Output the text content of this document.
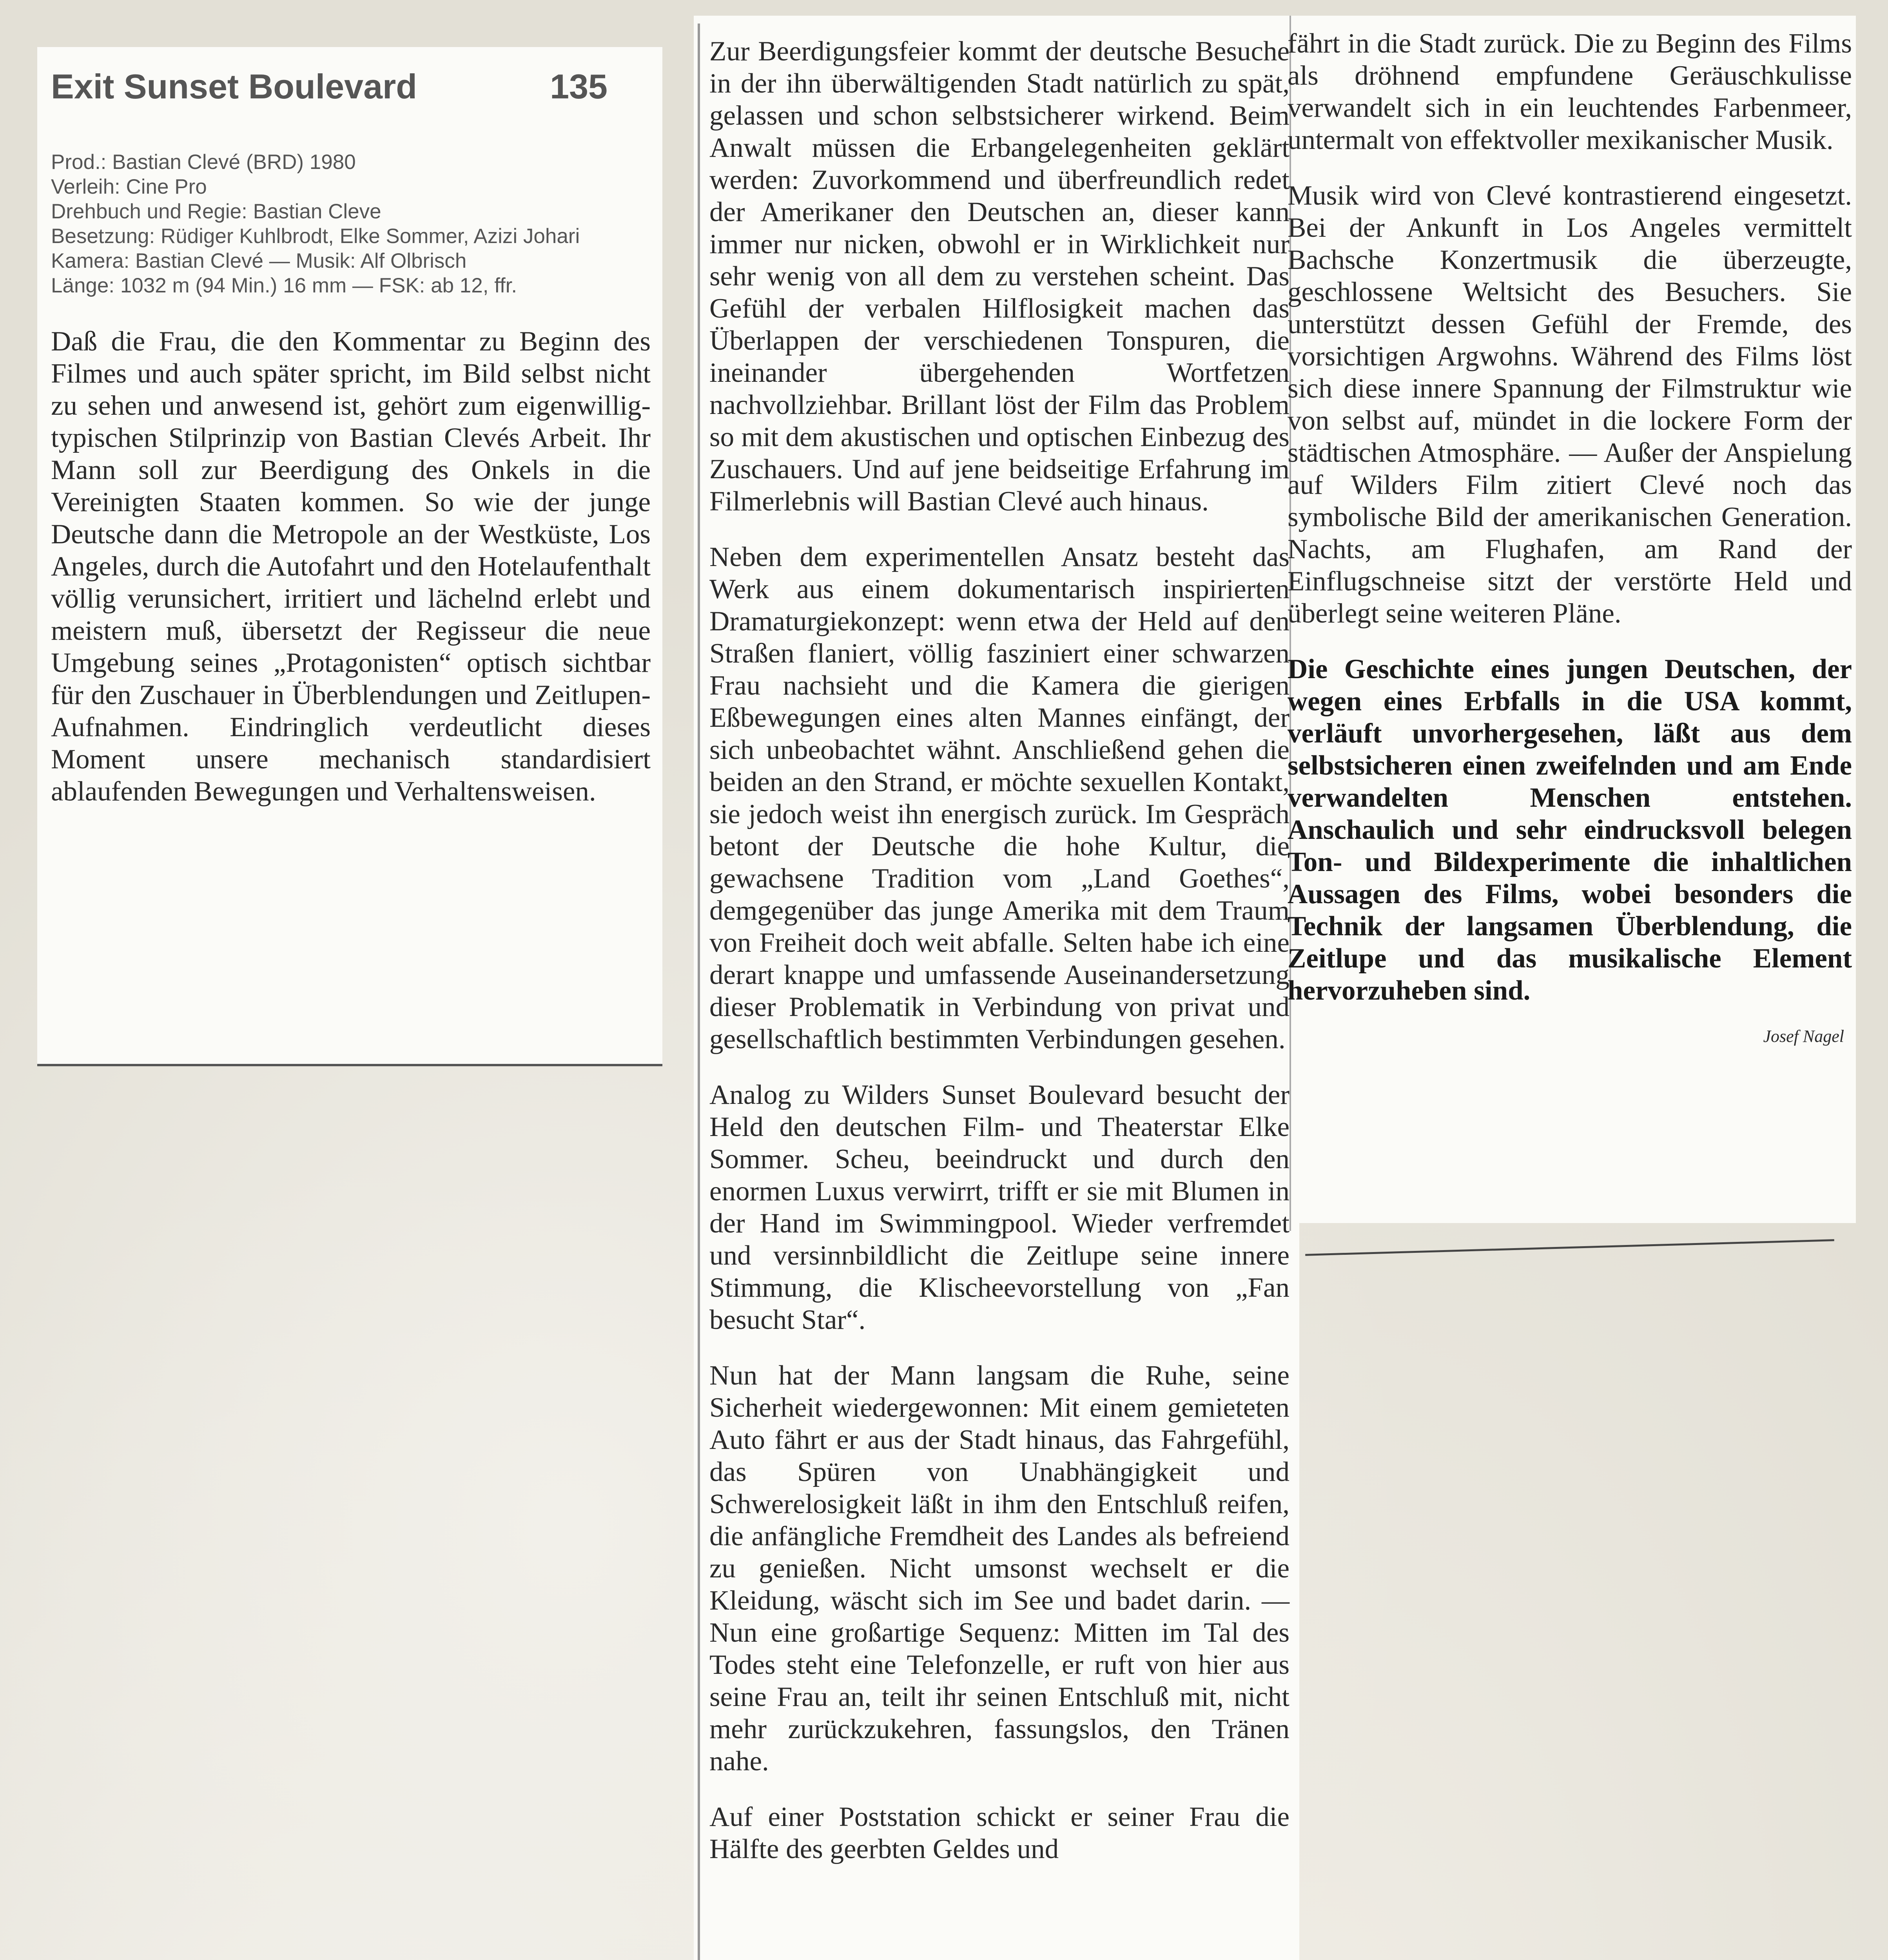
Exit Sunset Boulevard	135
Prod.: Bastian Clevé (BRD) 1980
Verleih: Cine Pro
Drehbuch und Regie: Bastian Cleve
Besetzung: Rüdiger Kuhlbrodt, Elke Sommer, Azizi Johari
Kamera: Bastian Clevé — Musik: Alf Olbrisch
Länge: 1032 m (94 Min.) 16 mm — FSK: ab 12, ffr.

Daß die Frau, die den Kommentar zu Beginn des Filmes und auch später spricht, im Bild selbst nicht zu sehen und anwesend ist, gehört zum eigenwillig-typischen Stilprinzip von Bastian Clevés Arbeit. Ihr Mann soll zur Beerdigung des Onkels in die Vereinigten Staaten kommen. So wie der junge Deutsche dann die Metropole an der Westküste, Los Angeles, durch die Autofahrt und den Hotelaufenthalt völlig verunsichert, irritiert und lächelnd erlebt und meistern muß, übersetzt der Regisseur die neue Umgebung seines „Protagonisten“ optisch sichtbar für den Zuschauer in Überblendungen und Zeitlupen-Aufnahmen. Eindringlich verdeutlicht dieses Moment unsere mechanisch standardisiert ablaufenden Bewegungen und Verhaltensweisen.

Zur Beerdigungsfeier kommt der deutsche Besuche in der ihn überwältigenden Stadt natürlich zu spät, gelassen und schon selbstsicherer wirkend. Beim Anwalt müssen die Erbangelegenheiten geklärt werden: Zuvorkommend und überfreundlich redet der Amerikaner den Deutschen an, dieser kann immer nur nicken, obwohl er in Wirklichkeit nur sehr wenig von all dem zu verstehen scheint. Das Gefühl der verbalen Hilflosigkeit machen das Überlappen der verschiedenen Tonspuren, die ineinander übergehenden Wortfetzen nachvollziehbar. Brillant löst der Film das Problem so mit dem akustischen und optischen Einbezug des Zuschauers. Und auf jene beidseitige Erfahrung im Filmerlebnis will Bastian Clevé auch hinaus.

Neben dem experimentellen Ansatz besteht das Werk aus einem dokumentarisch inspirierten Dramaturgiekonzept: wenn etwa der Held auf den Straßen flaniert, völlig fasziniert einer schwarzen Frau nachsieht und die Kamera die gierigen Eßbewegungen eines alten Mannes einfängt, der sich unbeobachtet wähnt. Anschließend gehen die beiden an den Strand, er möchte sexuellen Kontakt, sie jedoch weist ihn energisch zurück. Im Gespräch betont der Deutsche die hohe Kultur, die gewachsene Tradition vom „Land Goethes“, demgegenüber das junge Amerika mit dem Traum von Freiheit doch weit abfalle. Selten habe ich eine derart knappe und umfassende Auseinandersetzung dieser Problematik in Verbindung von privat und gesellschaftlich bestimmten Verbindungen gesehen.

Analog zu Wilders Sunset Boulevard besucht der Held den deutschen Film- und Theaterstar Elke Sommer. Scheu, beeindruckt und durch den enormen Luxus verwirrt, trifft er sie mit Blumen in der Hand im Swimmingpool. Wieder verfremdet und versinnbildlicht die Zeitlupe seine innere Stimmung, die Klischeevorstellung von „Fan besucht Star“.

Nun hat der Mann langsam die Ruhe, seine Sicherheit wiedergewonnen: Mit einem gemieteten Auto fährt er aus der Stadt hinaus, das Fahrgefühl, das Spüren von Unabhängigkeit und Schwerelosigkeit läßt in ihm den Entschluß reifen, die anfängliche Fremdheit des Landes als befreiend zu genießen. Nicht umsonst wechselt er die Kleidung, wäscht sich im See und badet darin. — Nun eine großartige Sequenz: Mitten im Tal des Todes steht eine Telefonzelle, er ruft von hier aus seine Frau an, teilt ihr seinen Entschluß mit, nicht mehr zurückzukehren, fassungslos, den Tränen nahe.

Auf einer Poststation schickt er seiner Frau die Hälfte des geerbten Geldes und

fährt in die Stadt zurück. Die zu Beginn des Films als dröhnend empfundene Geräuschkulisse verwandelt sich in ein leuchtendes Farbenmeer, untermalt von effektvoller mexikanischer Musik.

Musik wird von Clevé kontrastierend eingesetzt. Bei der Ankunft in Los Angeles vermittelt Bachsche Konzertmusik die überzeugte, geschlossene Weltsicht des Besuchers. Sie unterstützt dessen Gefühl der Fremde, des vorsichtigen Argwohns. Während des Films löst sich diese innere Spannung der Filmstruktur wie von selbst auf, mündet in die lockere Form der städtischen Atmosphäre. — Außer der Anspielung auf Wilders Film zitiert Clevé noch das symbolische Bild der amerikanischen Generation. Nachts, am Flughafen, am Rand der Einflugschneise sitzt der verstörte Held und überlegt seine weiteren Pläne.

Die Geschichte eines jungen Deutschen, der wegen eines Erbfalls in die USA kommt, verläuft unvorhergesehen, läßt aus dem selbstsicheren einen zweifelnden und am Ende verwandelten Menschen entstehen. Anschaulich und sehr eindrucksvoll belegen Ton- und Bildexperimente die inhaltlichen Aussagen des Films, wobei besonders die Technik der langsamen Überblendung, die Zeitlupe und das musikalische Element hervorzuheben sind.

Josef Nagel
